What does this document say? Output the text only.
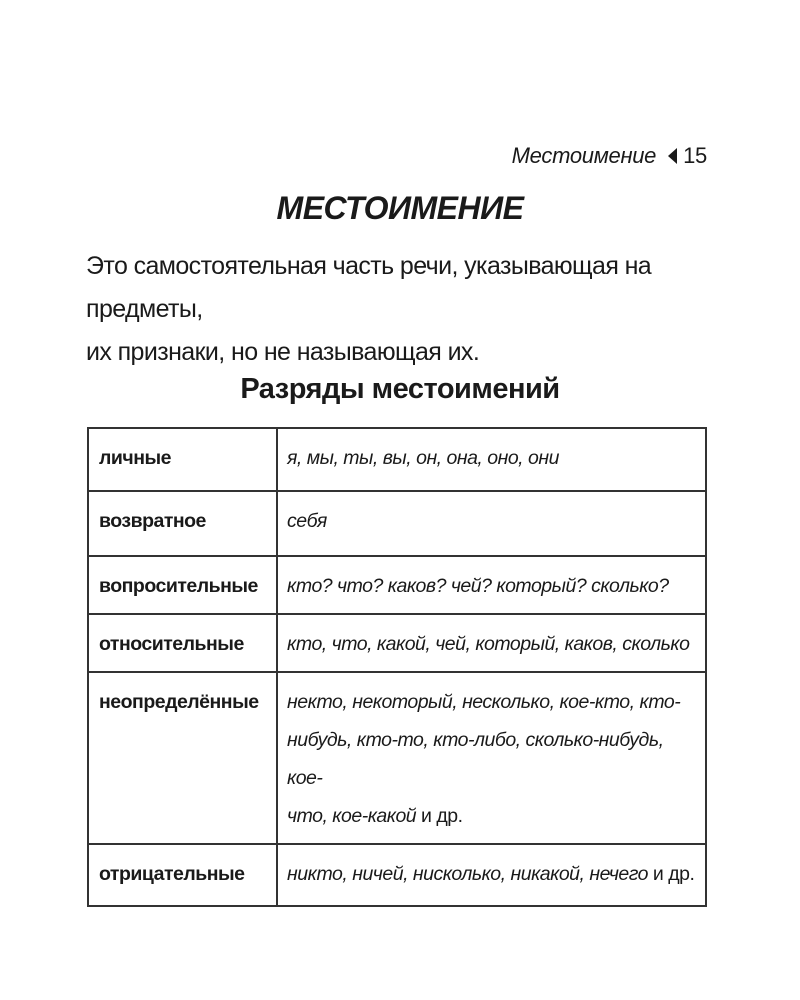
Местоимение 15
МЕСТОИМЕНИЕ

Это самостоятельная часть речи, указывающая на предметы,
их признаки, но не называющая их.

Разряды местоимений
личные	я, мы, ты, вы, он, она, оно, они
возвратное	себя
вопросительные	кто? что? каков? чей? который? сколько?
относительные	кто, что, какой, чей, который, каков, сколько
неопределённые	некто, некоторый, несколько, кое-кто, кто-
нибудь, кто-то, кто-либо, сколько-нибудь, кое-
что, кое-какой и др.
отрицательные	никто, ничей, нисколько, никакой, нечего и др.
